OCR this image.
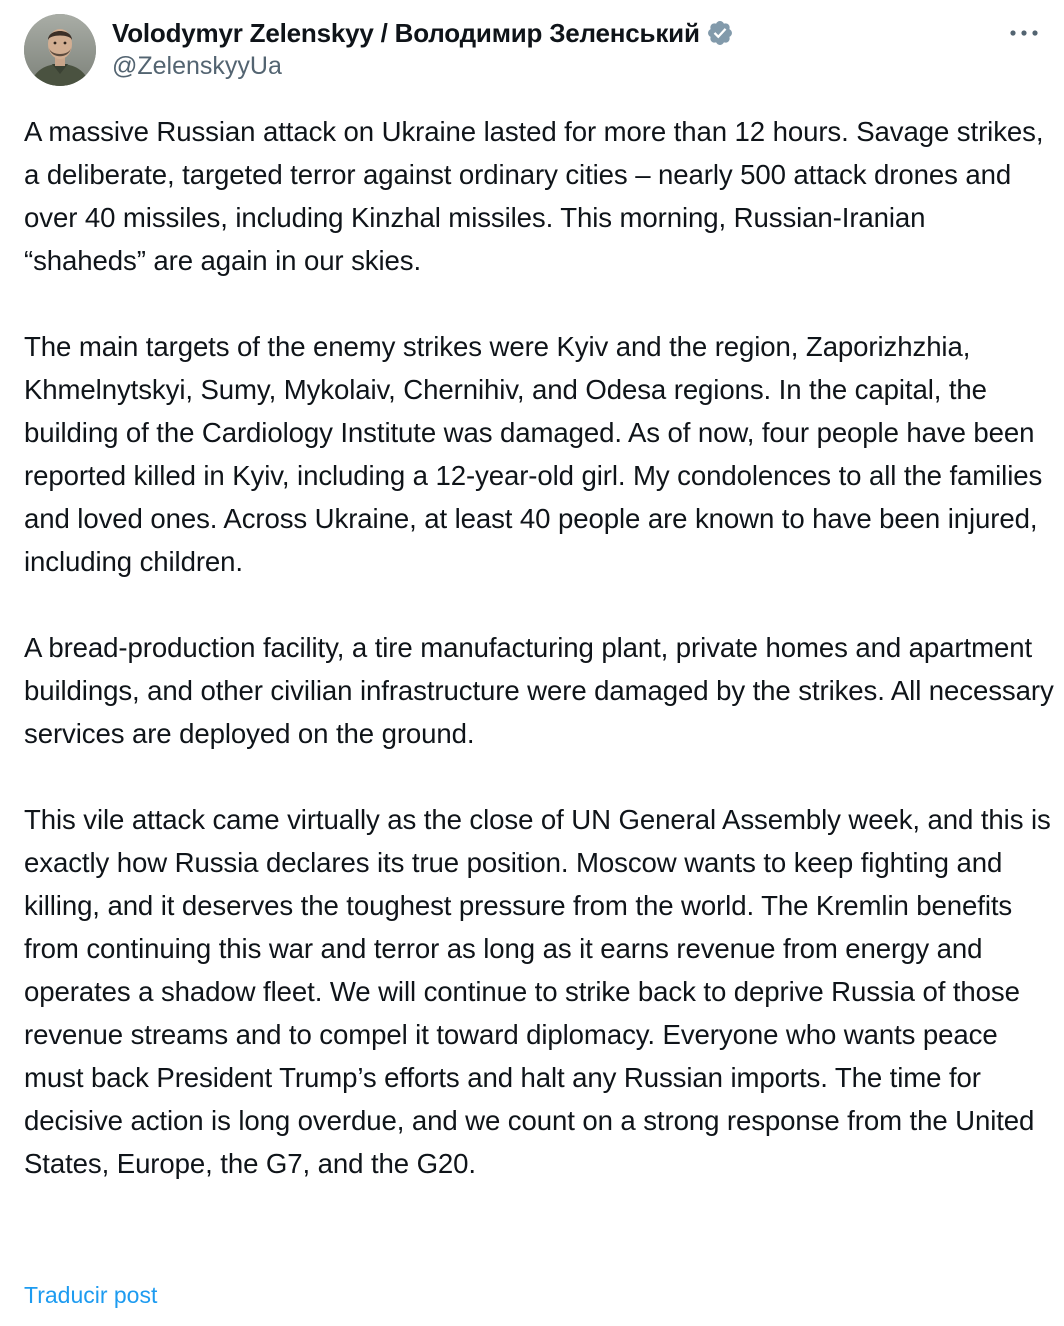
Volodymyr Zelenskyy / Володимир Зеленський
@ZelenskyyUa

A massive Russian attack on Ukraine lasted for more than 12 hours. Savage strikes, a deliberate, targeted terror against ordinary cities – nearly 500 attack drones and over 40 missiles, including Kinzhal missiles. This morning, Russian-Iranian “shaheds” are again in our skies.

The main targets of the enemy strikes were Kyiv and the region, Zaporizhzhia, Khmelnytskyi, Sumy, Mykolaiv, Chernihiv, and Odesa regions. In the capital, the building of the Cardiology Institute was damaged. As of now, four people have been reported killed in Kyiv, including a 12-year-old girl. My condolences to all the families and loved ones. Across Ukraine, at least 40 people are known to have been injured, including children.

A bread-production facility, a tire manufacturing plant, private homes and apartment buildings, and other civilian infrastructure were damaged by the strikes. All necessary services are deployed on the ground.

This vile attack came virtually as the close of UN General Assembly week, and this is exactly how Russia declares its true position. Moscow wants to keep fighting and killing, and it deserves the toughest pressure from the world. The Kremlin benefits from continuing this war and terror as long as it earns revenue from energy and operates a shadow fleet. We will continue to strike back to deprive Russia of those revenue streams and to compel it toward diplomacy. Everyone who wants peace must back President Trump’s efforts and halt any Russian imports. The time for decisive action is long overdue, and we count on a strong response from the United States, Europe, the G7, and the G20.

Traducir post
